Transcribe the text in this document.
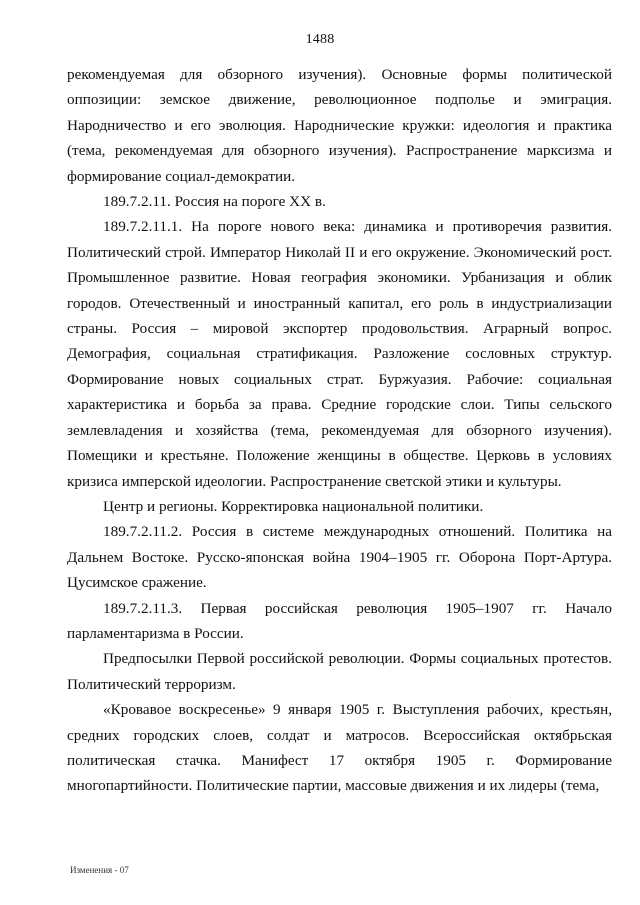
1488

рекомендуемая для обзорного изучения). Основные формы политической оппозиции: земское движение, революционное подполье и эмиграция. Народничество и его эволюция. Народнические кружки: идеология и практика (тема, рекомендуемая для обзорного изучения). Распространение марксизма и формирование социал-демократии.

189.7.2.11. Россия на пороге XX в.

189.7.2.11.1. На пороге нового века: динамика и противоречия развития. Политический строй. Император Николай II и его окружение. Экономический рост. Промышленное развитие. Новая география экономики. Урбанизация и облик городов. Отечественный и иностранный капитал, его роль в индустриализации страны. Россия – мировой экспортер продовольствия. Аграрный вопрос. Демография, социальная стратификация. Разложение сословных структур. Формирование новых социальных страт. Буржуазия. Рабочие: социальная характеристика и борьба за права. Средние городские слои. Типы сельского землевладения и хозяйства (тема, рекомендуемая для обзорного изучения). Помещики и крестьяне. Положение женщины в обществе. Церковь в условиях кризиса имперской идеологии. Распространение светской этики и культуры.

Центр и регионы. Корректировка национальной политики.

189.7.2.11.2. Россия в системе международных отношений. Политика на Дальнем Востоке. Русско-японская война 1904–1905 гг. Оборона Порт-Артура. Цусимское сражение.

189.7.2.11.3. Первая российская революция 1905–1907 гг. Начало парламентаризма в России.

Предпосылки Первой российской революции. Формы социальных протестов. Политический терроризм.

«Кровавое воскресенье» 9 января 1905 г. Выступления рабочих, крестьян, средних городских слоев, солдат и матросов. Всероссийская октябрьская политическая стачка. Манифест 17 октября 1905 г. Формирование многопартийности. Политические партии, массовые движения и их лидеры (тема,

Изменения - 07
